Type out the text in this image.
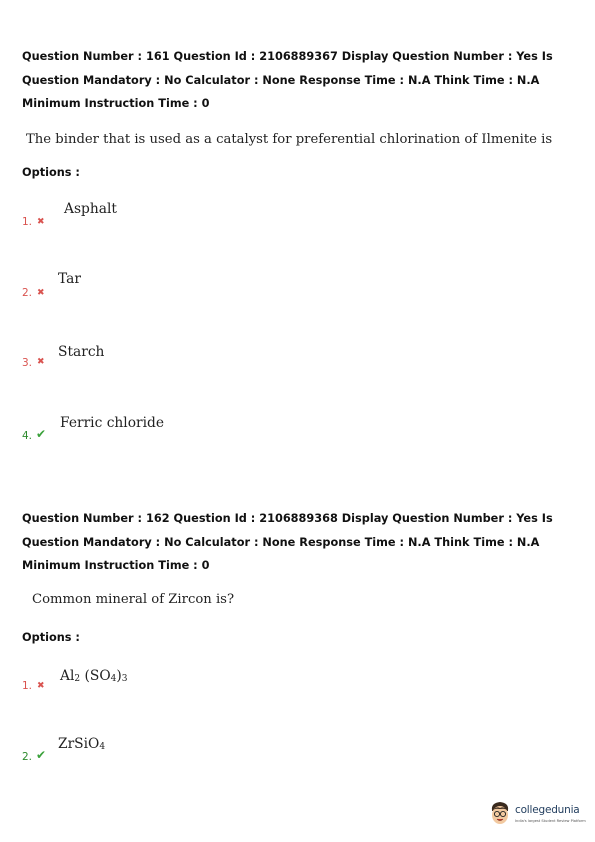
Question Number : 161 Question Id : 2106889367 Display Question Number : Yes Is Question Mandatory : No Calculator : None Response Time : N.A Think Time : N.A Minimum Instruction Time : 0
The binder that is used as a catalyst for preferential chlorination of Ilmenite is
Options :
1. ✖
Asphalt
2. ✖
Tar
3. ✖
Starch
4. ✔
Ferric chloride
Question Number : 162 Question Id : 2106889368 Display Question Number : Yes Is Question Mandatory : No Calculator : None Response Time : N.A Think Time : N.A Minimum Instruction Time : 0
Common mineral of Zircon is?
Options :
1. ✖
Al2 (SO4)3
2. ✔
ZrSiO4
collegedunia
India's largest Student Review Platform
